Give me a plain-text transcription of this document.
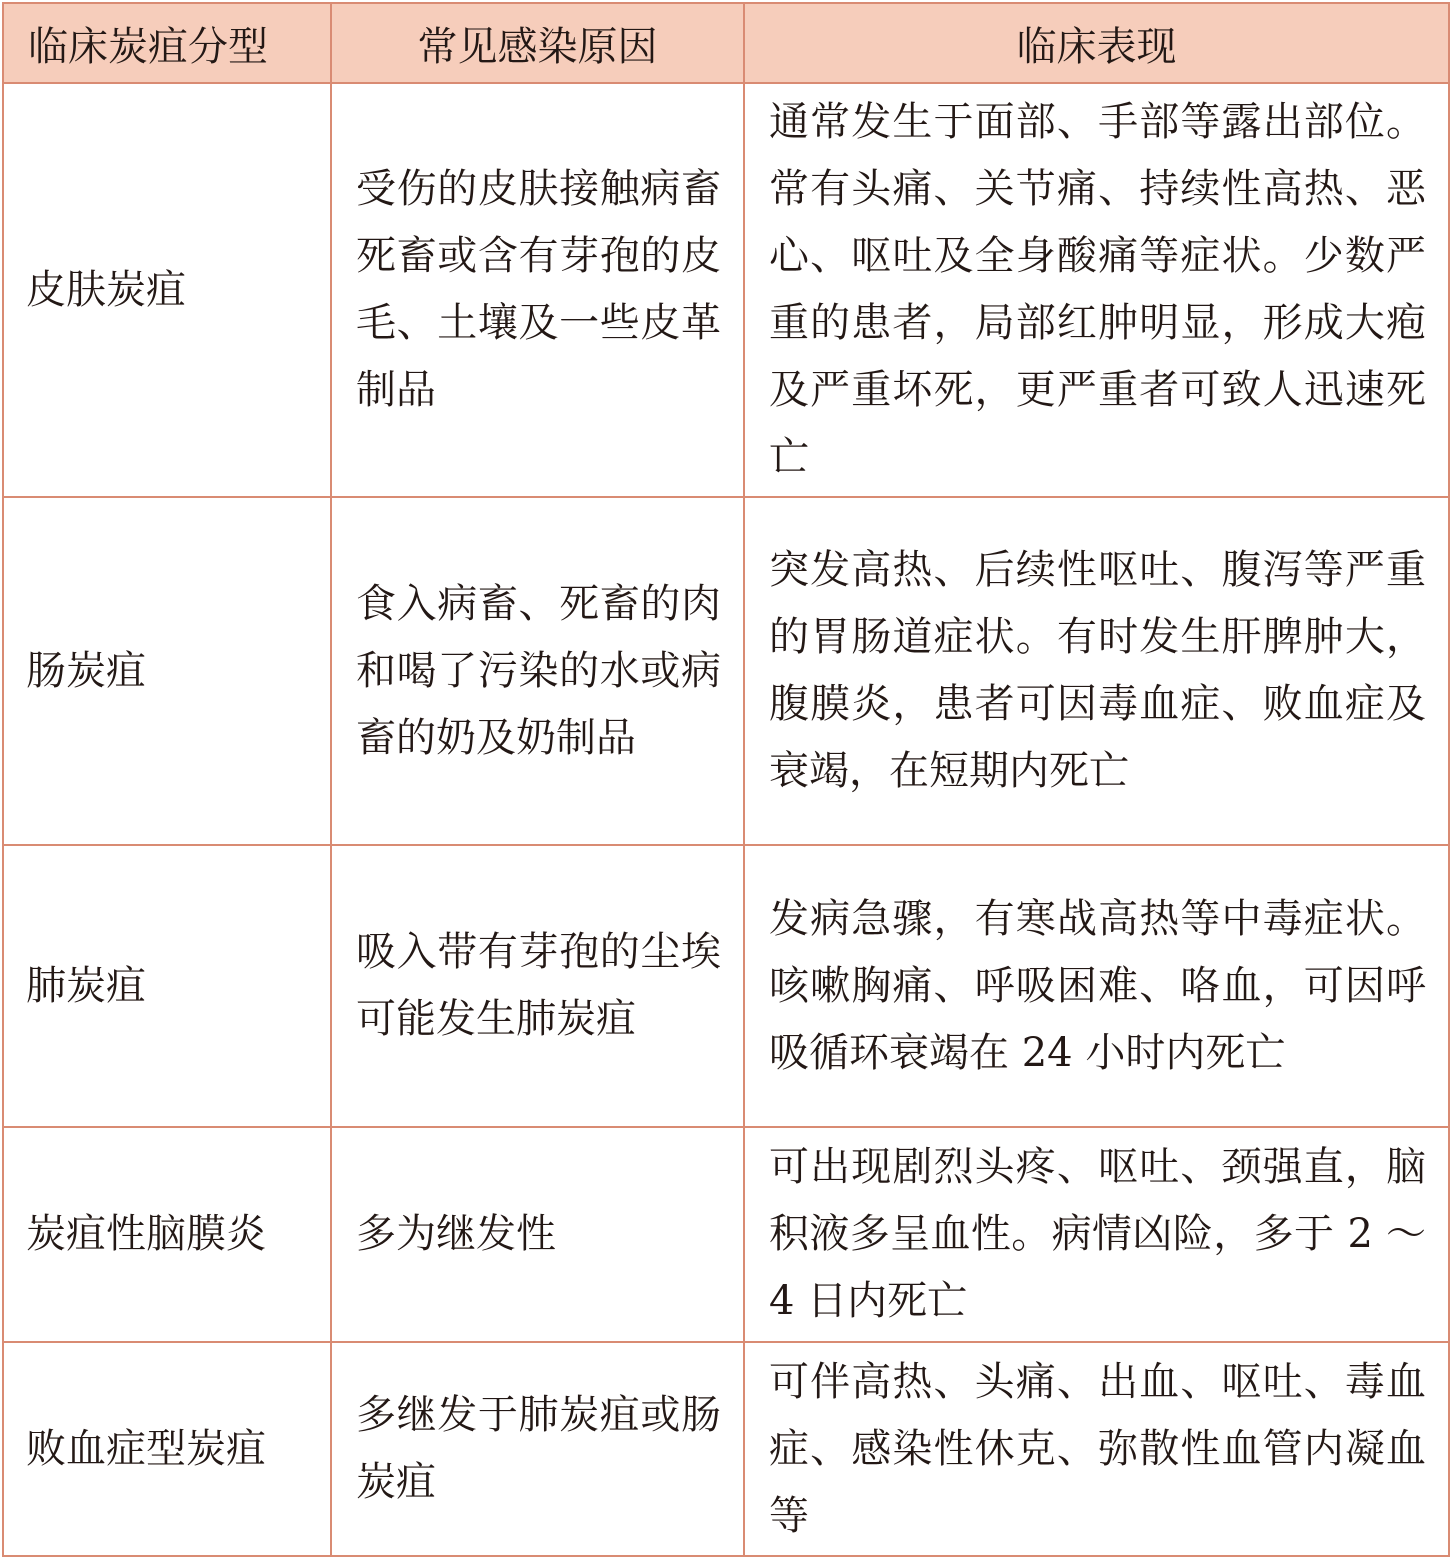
临床炭疽分型	常见感染原因	临床表现
皮肤炭疽	受伤的皮肤接触病畜死畜或含有芽孢的皮毛、土壤及一些皮革制品	通常发生于面部、手部等露出部位。常有头痛、关节痛、持续性高热、恶心、呕吐及全身酸痛等症状。少数严重的患者，局部红肿明显，形成大疱及严重坏死，更严重者可致人迅速死亡
肠炭疽	食入病畜、死畜的肉和喝了污染的水或病畜的奶及奶制品	突发高热、后续性呕吐、腹泻等严重的胃肠道症状。有时发生肝脾肿大，腹膜炎，患者可因毒血症、败血症及衰竭，在短期内死亡
肺炭疽	吸入带有芽孢的尘埃可能发生肺炭疽	发病急骤，有寒战高热等中毒症状。咳嗽胸痛、呼吸困难、咯血，可因呼吸循环衰竭在 24 小时内死亡
炭疽性脑膜炎	多为继发性	可出现剧烈头疼、呕吐、颈强直，脑积液多呈血性。病情凶险，多于 2 ～ 4 日内死亡
败血症型炭疽	多继发于肺炭疽或肠炭疽	可伴高热、头痛、出血、呕吐、毒血症、感染性休克、弥散性血管内凝血等
